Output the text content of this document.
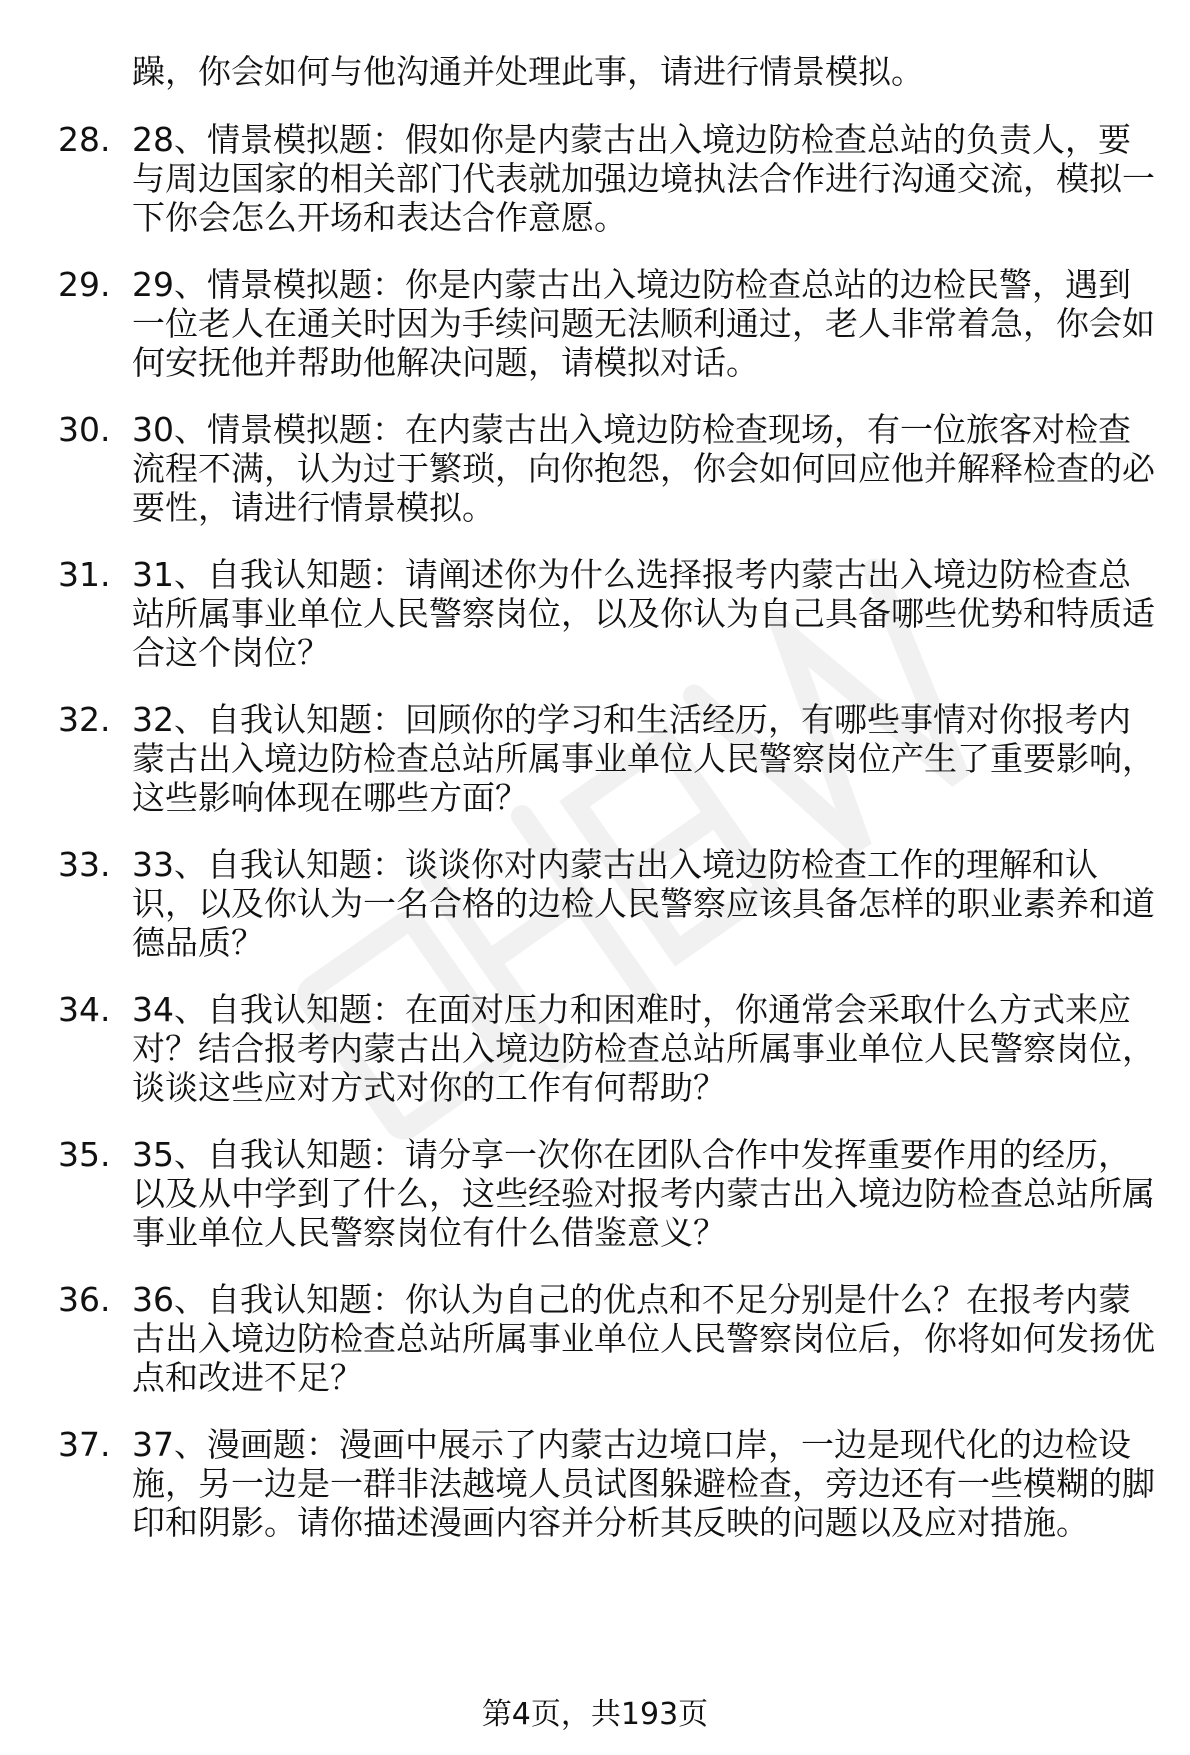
躁，你会如何与他沟通并处理此事，请进行情景模拟。
28. 28、情景模拟题：假如你是内蒙古出入境边防检查总站的负责人，要与周边国家的相关部门代表就加强边境执法合作进行沟通交流，模拟一下你会怎么开场和表达合作意愿。
29. 29、情景模拟题：你是内蒙古出入境边防检查总站的边检民警，遇到一位老人在通关时因为手续问题无法顺利通过，老人非常着急，你会如何安抚他并帮助他解决问题，请模拟对话。
30. 30、情景模拟题：在内蒙古出入境边防检查现场，有一位旅客对检查流程不满，认为过于繁琐，向你抱怨，你会如何回应他并解释检查的必要性，请进行情景模拟。
31. 31、自我认知题：请阐述你为什么选择报考内蒙古出入境边防检查总站所属事业单位人民警察岗位，以及你认为自己具备哪些优势和特质适合这个岗位？
32. 32、自我认知题：回顾你的学习和生活经历，有哪些事情对你报考内蒙古出入境边防检查总站所属事业单位人民警察岗位产生了重要影响，这些影响体现在哪些方面？
33. 33、自我认知题：谈谈你对内蒙古出入境边防检查工作的理解和认识，以及你认为一名合格的边检人民警察应该具备怎样的职业素养和道德品质？
34. 34、自我认知题：在面对压力和困难时，你通常会采取什么方式来应对？结合报考内蒙古出入境边防检查总站所属事业单位人民警察岗位，谈谈这些应对方式对你的工作有何帮助？
35. 35、自我认知题：请分享一次你在团队合作中发挥重要作用的经历，以及从中学到了什么，这些经验对报考内蒙古出入境边防检查总站所属事业单位人民警察岗位有什么借鉴意义？
36. 36、自我认知题：你认为自己的优点和不足分别是什么？在报考内蒙古出入境边防检查总站所属事业单位人民警察岗位后，你将如何发扬优点和改进不足？
37. 37、漫画题：漫画中展示了内蒙古边境口岸，一边是现代化的边检设施，另一边是一群非法越境人员试图躲避检查，旁边还有一些模糊的脚印和阴影。请你描述漫画内容并分析其反映的问题以及应对措施。
第4页，共193页
